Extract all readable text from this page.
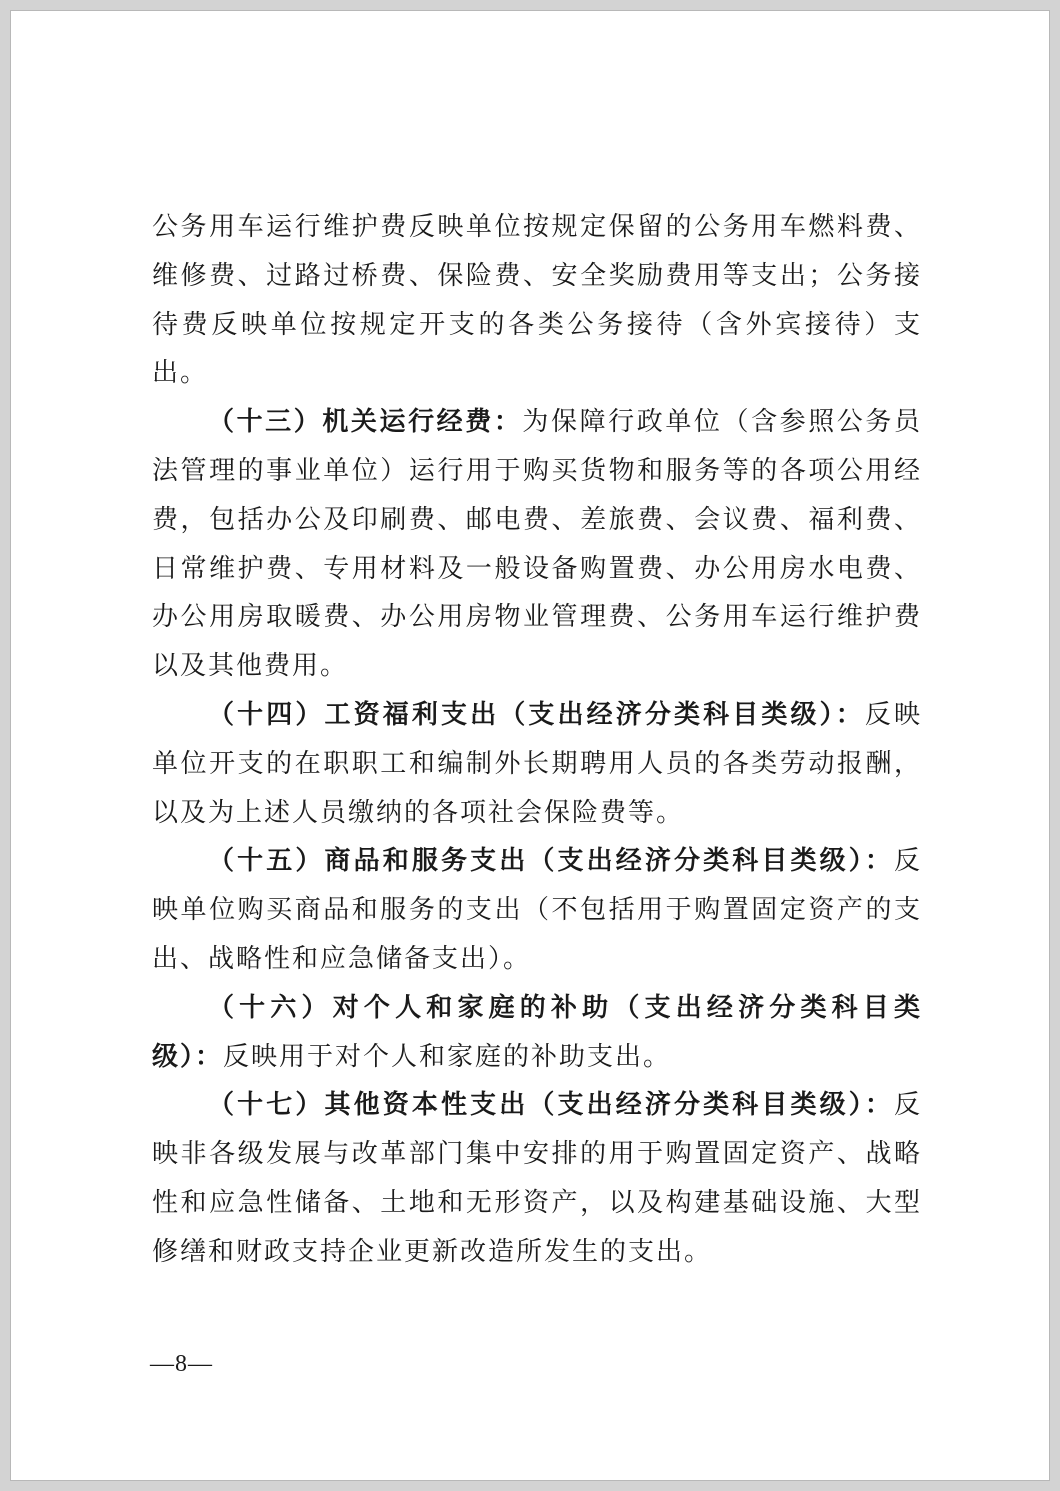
公务用车运行维护费反映单位按规定保留的公务用车燃料费、维修费、过路过桥费、保险费、安全奖励费用等支出；公务接待费反映单位按规定开支的各类公务接待（含外宾接待）支出。

（十三）机关运行经费：为保障行政单位（含参照公务员法管理的事业单位）运行用于购买货物和服务等的各项公用经费，包括办公及印刷费、邮电费、差旅费、会议费、福利费、日常维护费、专用材料及一般设备购置费、办公用房水电费、办公用房取暖费、办公用房物业管理费、公务用车运行维护费以及其他费用。

（十四）工资福利支出（支出经济分类科目类级）：反映单位开支的在职职工和编制外长期聘用人员的各类劳动报酬，以及为上述人员缴纳的各项社会保险费等。

（十五）商品和服务支出（支出经济分类科目类级）：反映单位购买商品和服务的支出（不包括用于购置固定资产的支出、战略性和应急储备支出）。

（十六）对个人和家庭的补助（支出经济分类科目类级）：反映用于对个人和家庭的补助支出。

（十七）其他资本性支出（支出经济分类科目类级）：反映非各级发展与改革部门集中安排的用于购置固定资产、战略性和应急性储备、土地和无形资产，以及构建基础设施、大型修缮和财政支持企业更新改造所发生的支出。

—8—
